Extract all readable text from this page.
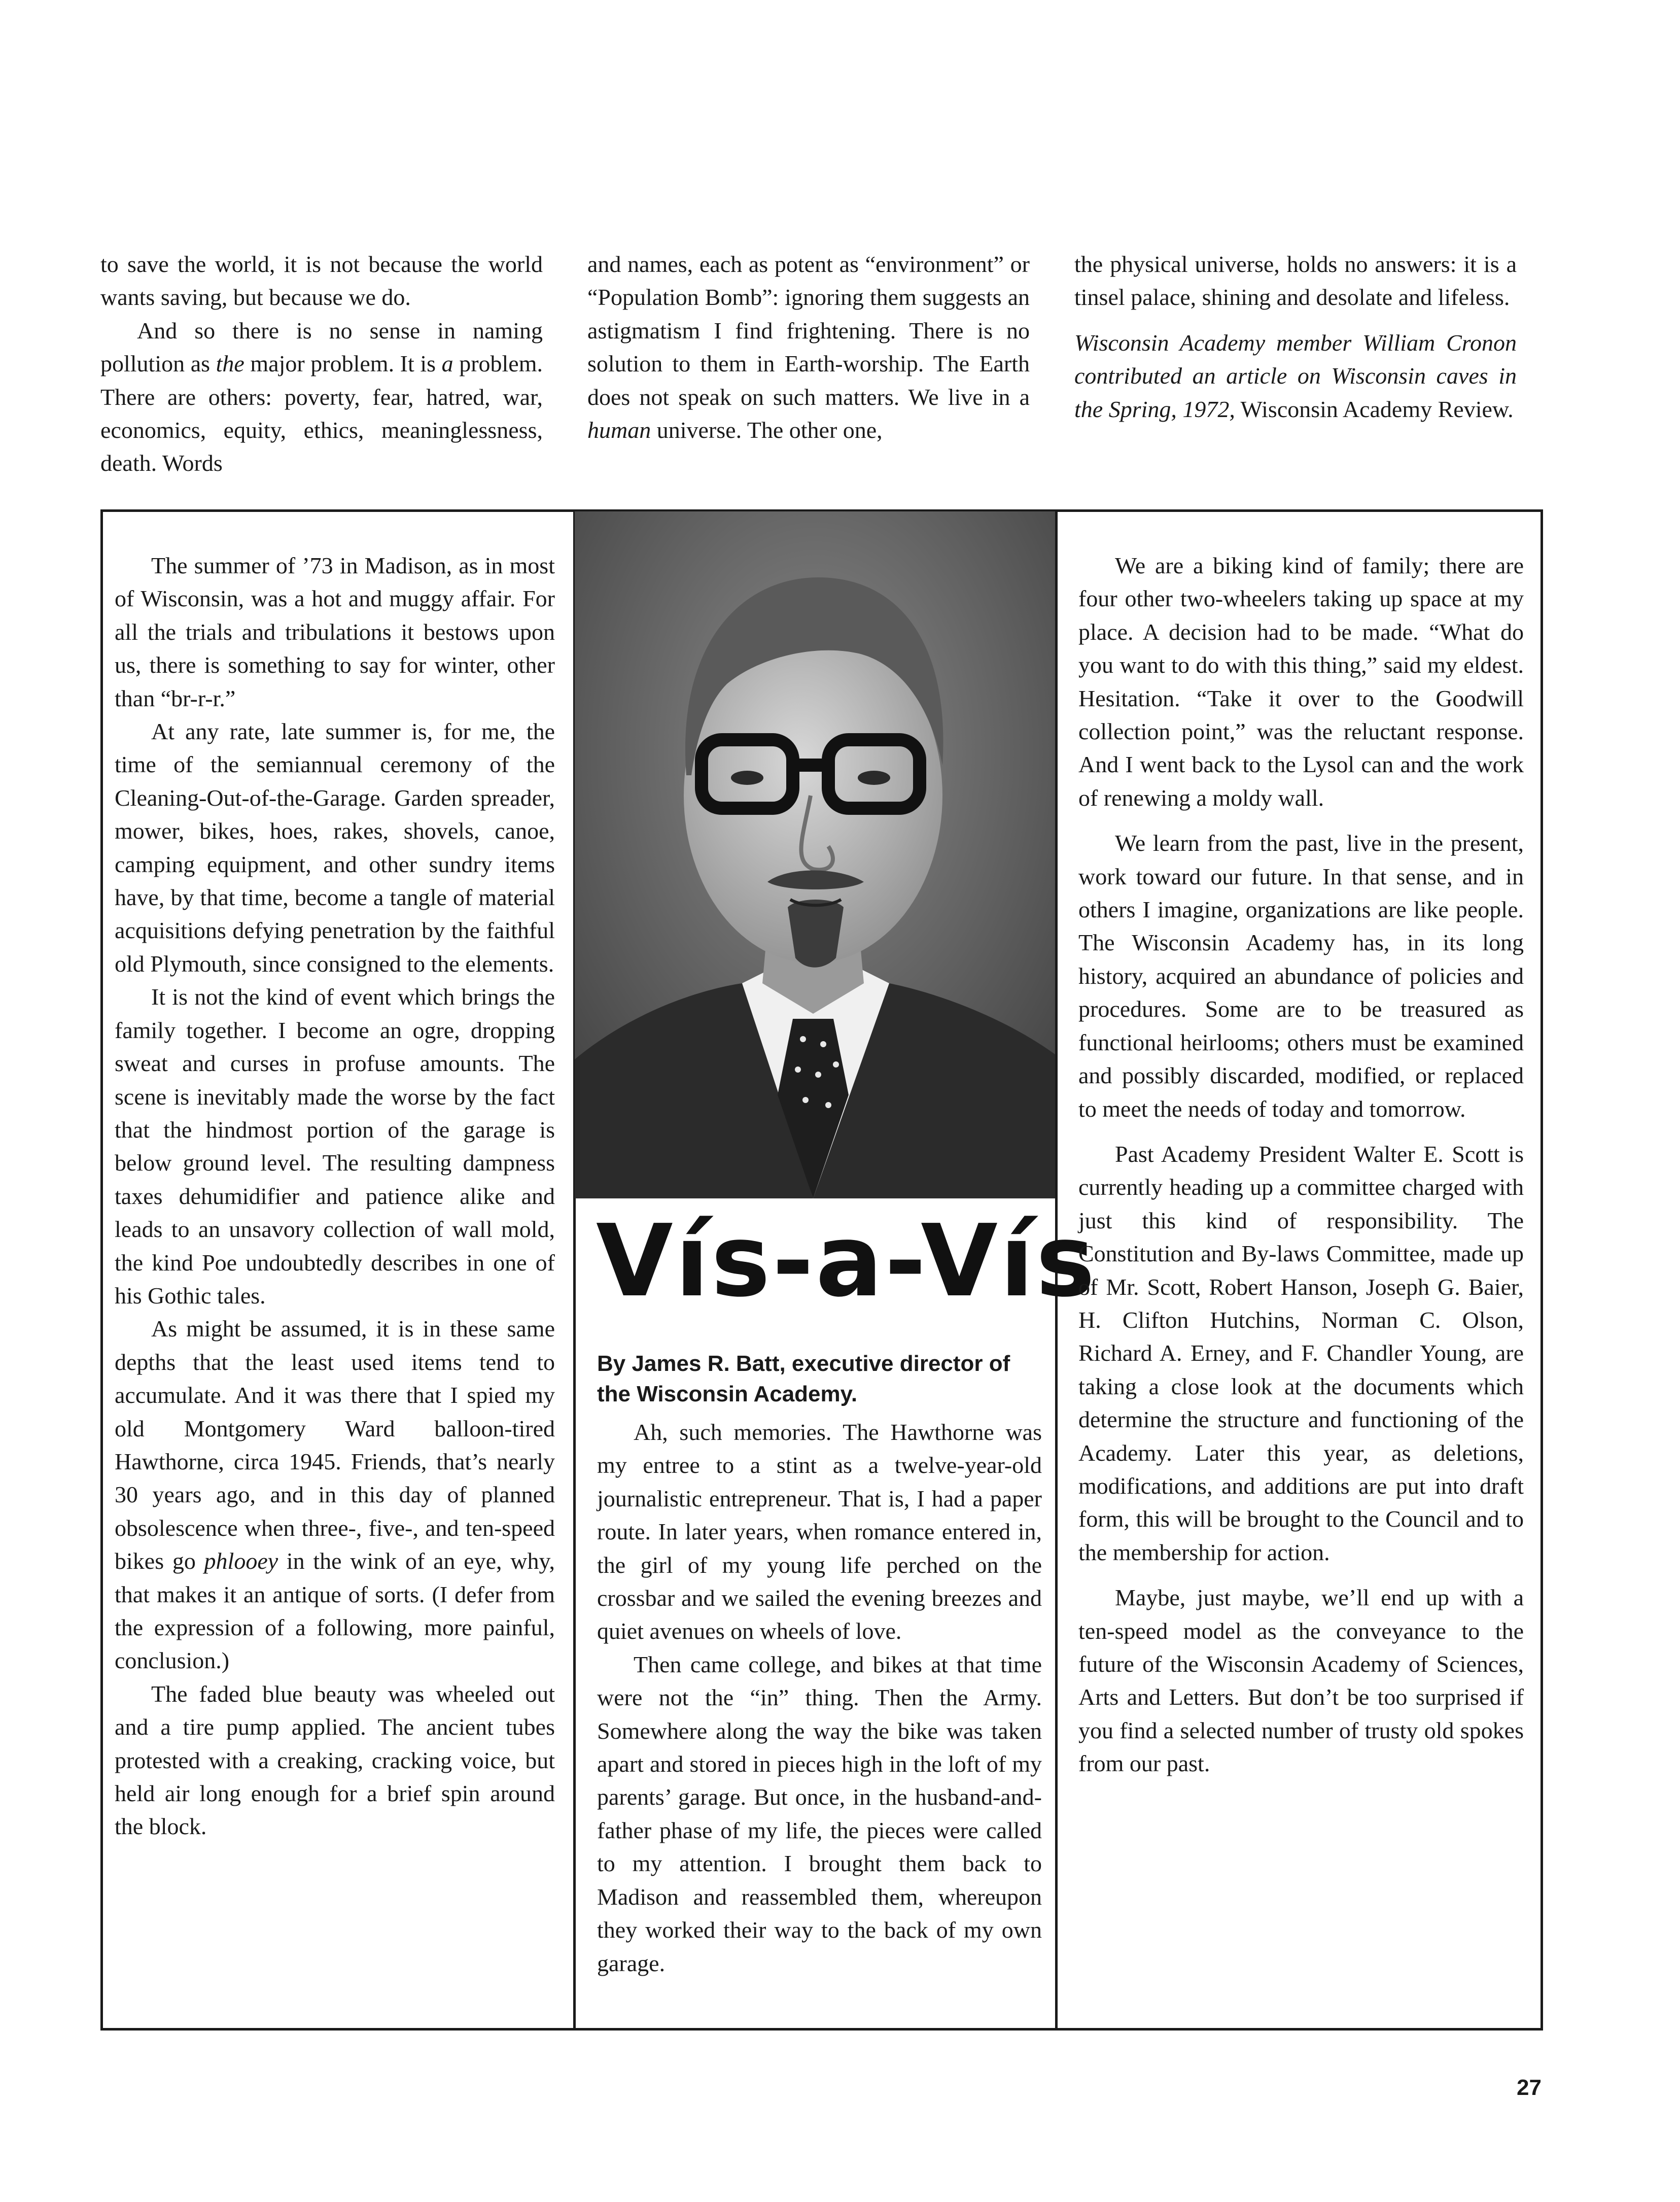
to save the world, it is not because the world wants saving, but because we do.

And so there is no sense in naming pollution as the major problem. It is a problem. There are others: poverty, fear, hatred, war, economics, equity, ethics, meaninglessness, death. Words

and names, each as potent as “environment” or “Population Bomb”: ignoring them suggests an astigmatism I find frightening. There is no solution to them in Earth-worship. The Earth does not speak on such matters. We live in a human universe. The other one,

the physical universe, holds no answers: it is a tinsel palace, shining and desolate and lifeless.

Wisconsin Academy member William Cronon contributed an article on Wisconsin caves in the Spring, 1972, Wisconsin Academy Review.

Vís-a-Vís
By James R. Batt, executive director of the Wisconsin Academy.

The summer of ’73 in Madison, as in most of Wisconsin, was a hot and muggy affair. For all the trials and tribulations it bestows upon us, there is something to say for winter, other than “br-r-r.”

At any rate, late summer is, for me, the time of the semiannual ceremony of the Cleaning-Out-of-the-Garage. Garden spreader, mower, bikes, hoes, rakes, shovels, canoe, camping equipment, and other sundry items have, by that time, become a tangle of material acquisitions defying penetration by the faithful old Plymouth, since consigned to the elements.

It is not the kind of event which brings the family together. I become an ogre, dropping sweat and curses in profuse amounts. The scene is inevitably made the worse by the fact that the hindmost portion of the garage is below ground level. The resulting dampness taxes dehumidifier and patience alike and leads to an unsavory collection of wall mold, the kind Poe undoubtedly describes in one of his Gothic tales.

As might be assumed, it is in these same depths that the least used items tend to accumulate. And it was there that I spied my old Montgomery Ward balloon-tired Hawthorne, circa 1945. Friends, that’s nearly 30 years ago, and in this day of planned obsolescence when three-, five-, and ten-speed bikes go phlooey in the wink of an eye, why, that makes it an antique of sorts. (I defer from the expression of a following, more painful, conclusion.)

The faded blue beauty was wheeled out and a tire pump applied. The ancient tubes protested with a creaking, cracking voice, but held air long enough for a brief spin around the block.

Ah, such memories. The Hawthorne was my entree to a stint as a twelve-year-old journalistic entrepreneur. That is, I had a paper route. In later years, when romance entered in, the girl of my young life perched on the crossbar and we sailed the evening breezes and quiet avenues on wheels of love.

Then came college, and bikes at that time were not the “in” thing. Then the Army. Somewhere along the way the bike was taken apart and stored in pieces high in the loft of my parents’ garage. But once, in the husband-and-father phase of my life, the pieces were called to my attention. I brought them back to Madison and reassembled them, whereupon they worked their way to the back of my own garage.

We are a biking kind of family; there are four other two-wheelers taking up space at my place. A decision had to be made. “What do you want to do with this thing,” said my eldest. Hesitation. “Take it over to the Goodwill collection point,” was the reluctant response. And I went back to the Lysol can and the work of renewing a moldy wall.

We learn from the past, live in the present, work toward our future. In that sense, and in others I imagine, organizations are like people. The Wisconsin Academy has, in its long history, acquired an abundance of policies and procedures. Some are to be treasured as functional heirlooms; others must be examined and possibly discarded, modified, or replaced to meet the needs of today and tomorrow.

Past Academy President Walter E. Scott is currently heading up a committee charged with just this kind of responsibility. The Constitution and By-laws Committee, made up of Mr. Scott, Robert Hanson, Joseph G. Baier, H. Clifton Hutchins, Norman C. Olson, Richard A. Erney, and F. Chandler Young, are taking a close look at the documents which determine the structure and functioning of the Academy. Later this year, as deletions, modifications, and additions are put into draft form, this will be brought to the Council and to the membership for action.

Maybe, just maybe, we’ll end up with a ten-speed model as the conveyance to the future of the Wisconsin Academy of Sciences, Arts and Letters. But don’t be too surprised if you find a selected number of trusty old spokes from our past.

27
